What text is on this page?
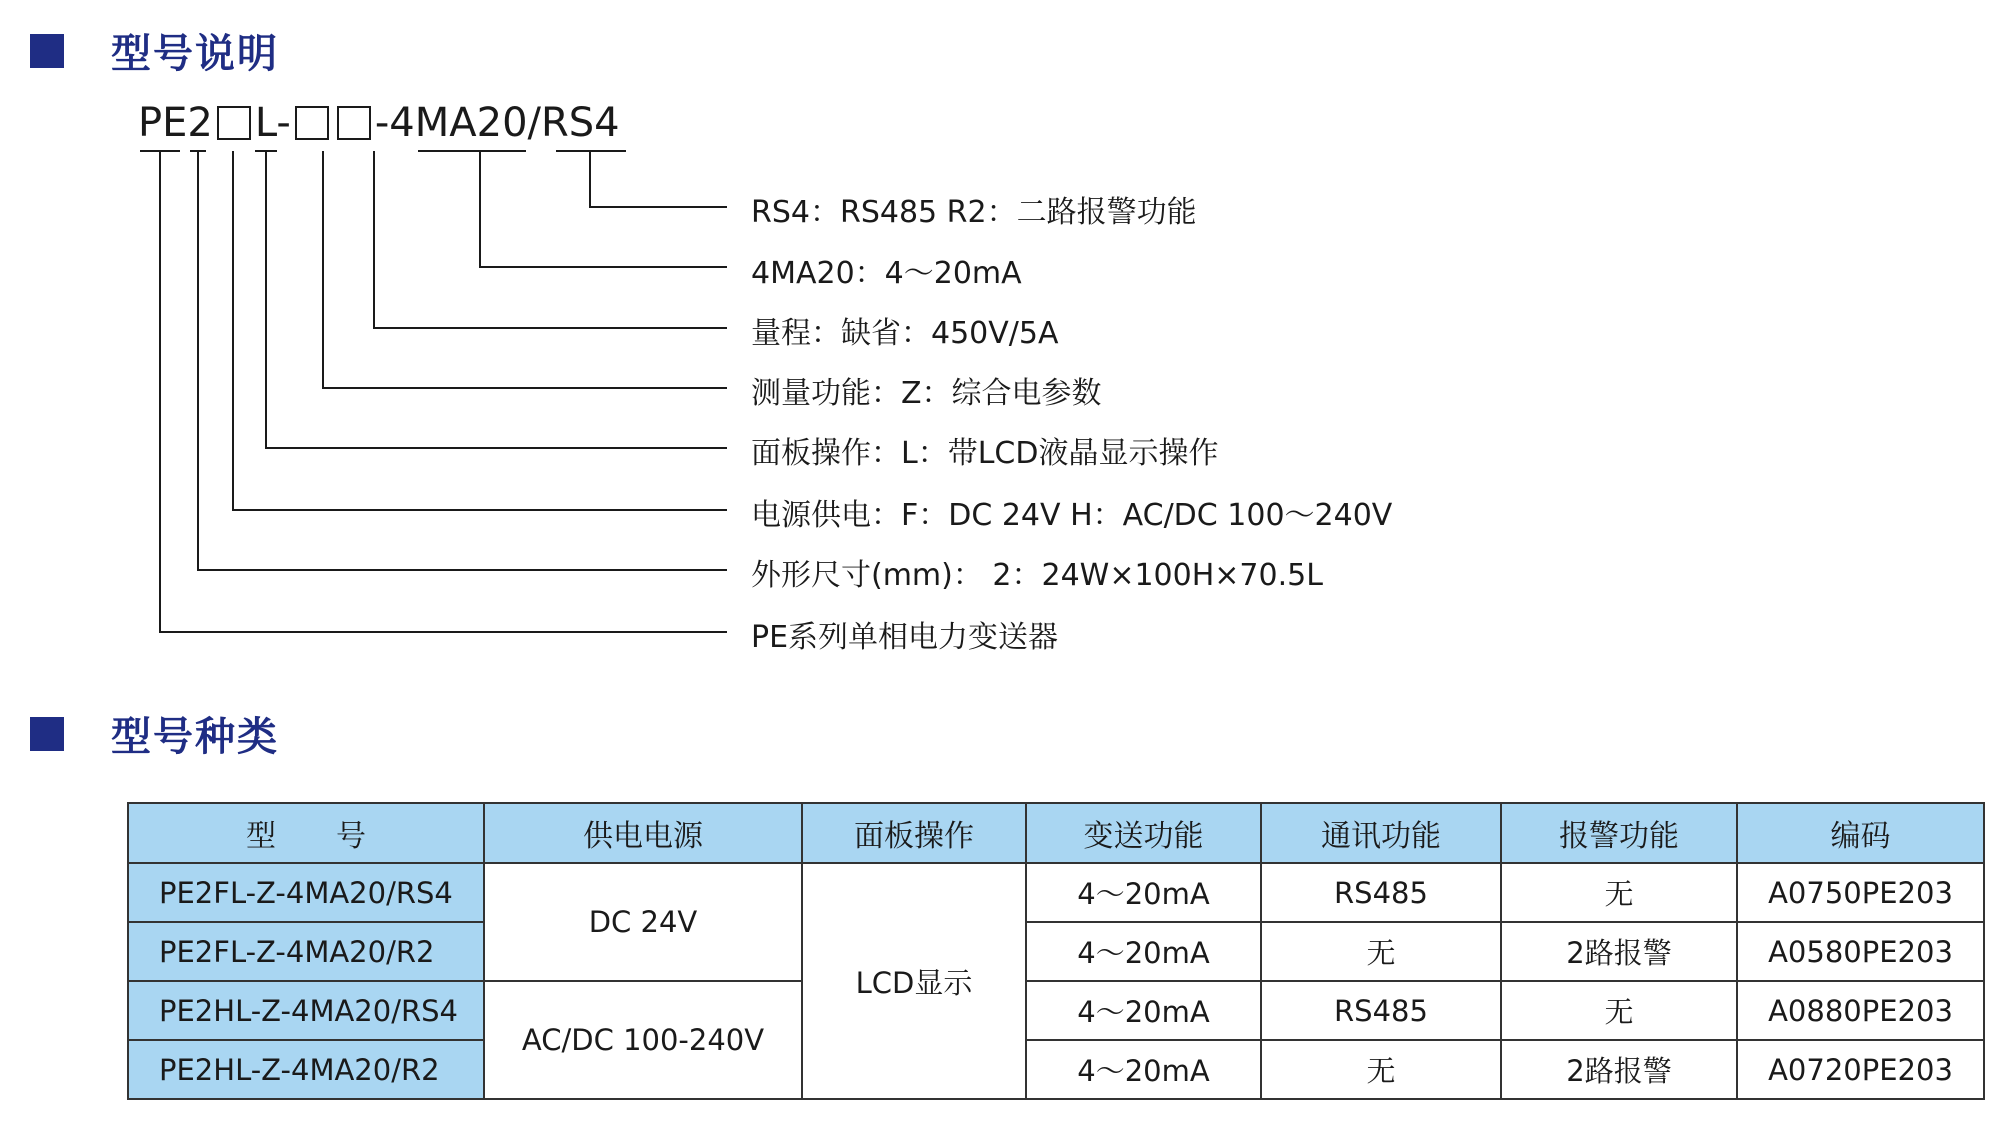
型号说明
PE2 L- -4MA20/RS4
RS4：RS485 R2：二路报警功能
4MA20：4～20mA
量程：缺省：450V/5A
测量功能：Z：综合电参数
面板操作：L：带LCD液晶显示操作
电源供电：F：DC 24V H：AC/DC 100～240V
外形尺寸(mm)： 2：24W×100H×70.5L
PE系列单相电力变送器
型号种类
型　　号	供电电源	面板操作	变送功能	通讯功能	报警功能	编码
PE2FL-Z-4MA20/RS4	DC 24V	LCD显示	4～20mA	RS485	无	A0750PE203
PE2FL-Z-4MA20/R2			4～20mA	无	2路报警	A0580PE203
PE2HL-Z-4MA20/RS4	AC/DC 100-240V		4～20mA	RS485	无	A0880PE203
PE2HL-Z-4MA20/R2			4～20mA	无	2路报警	A0720PE203
